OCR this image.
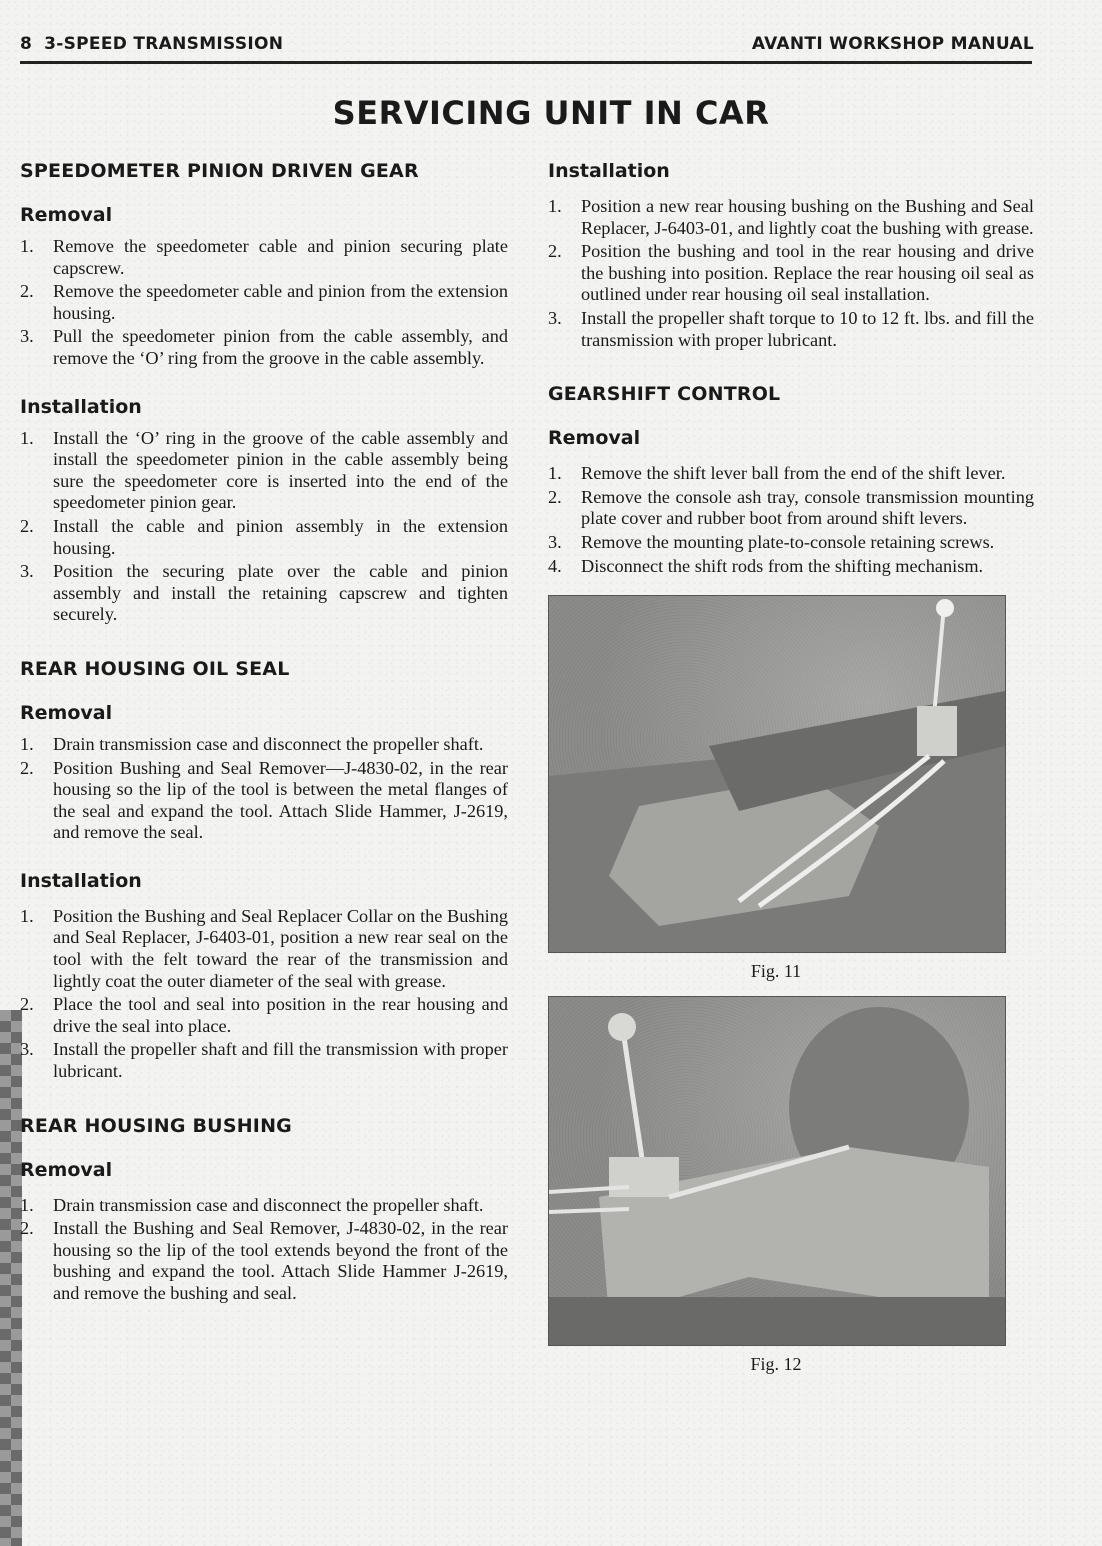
8 3-SPEED TRANSMISSION	AVANTI WORKSHOP MANUAL
SERVICING UNIT IN CAR
SPEEDOMETER PINION DRIVEN GEAR
Removal
1. Remove the speedometer cable and pinion securing plate capscrew.
2. Remove the speedometer cable and pinion from the extension housing.
3. Pull the speedometer pinion from the cable assembly, and remove the ‘O’ ring from the groove in the cable assembly.
Installation
1. Install the ‘O’ ring in the groove of the cable assembly and install the speedometer pinion in the cable assembly being sure the speedometer core is inserted into the end of the speedometer pinion gear.
2. Install the cable and pinion assembly in the extension housing.
3. Position the securing plate over the cable and pinion assembly and install the retaining capscrew and tighten securely.
REAR HOUSING OIL SEAL
Removal
1. Drain transmission case and disconnect the propeller shaft.
2. Position Bushing and Seal Remover—J-4830-02, in the rear housing so the lip of the tool is between the metal flanges of the seal and expand the tool. Attach Slide Hammer, J-2619, and remove the seal.
Installation
1. Position the Bushing and Seal Replacer Collar on the Bushing and Seal Replacer, J-6403-01, position a new rear seal on the tool with the felt toward the rear of the transmission and lightly coat the outer diameter of the seal with grease.
2. Place the tool and seal into position in the rear housing and drive the seal into place.
3. Install the propeller shaft and fill the transmission with proper lubricant.
REAR HOUSING BUSHING
Removal
1. Drain transmission case and disconnect the propeller shaft.
2. Install the Bushing and Seal Remover, J-4830-02, in the rear housing so the lip of the tool extends beyond the front of the bushing and expand the tool. Attach Slide Hammer J-2619, and remove the bushing and seal.
Installation
1. Position a new rear housing bushing on the Bushing and Seal Replacer, J-6403-01, and lightly coat the bushing with grease.
2. Position the bushing and tool in the rear housing and drive the bushing into position. Replace the rear housing oil seal as outlined under rear housing oil seal installation.
3. Install the propeller shaft torque to 10 to 12 ft. lbs. and fill the transmission with proper lubricant.
GEARSHIFT CONTROL
Removal
1. Remove the shift lever ball from the end of the shift lever.
2. Remove the console ash tray, console transmission mounting plate cover and rubber boot from around shift levers.
3. Remove the mounting plate-to-console retaining screws.
4. Disconnect the shift rods from the shifting mechanism.
Fig. 11
Fig. 12
